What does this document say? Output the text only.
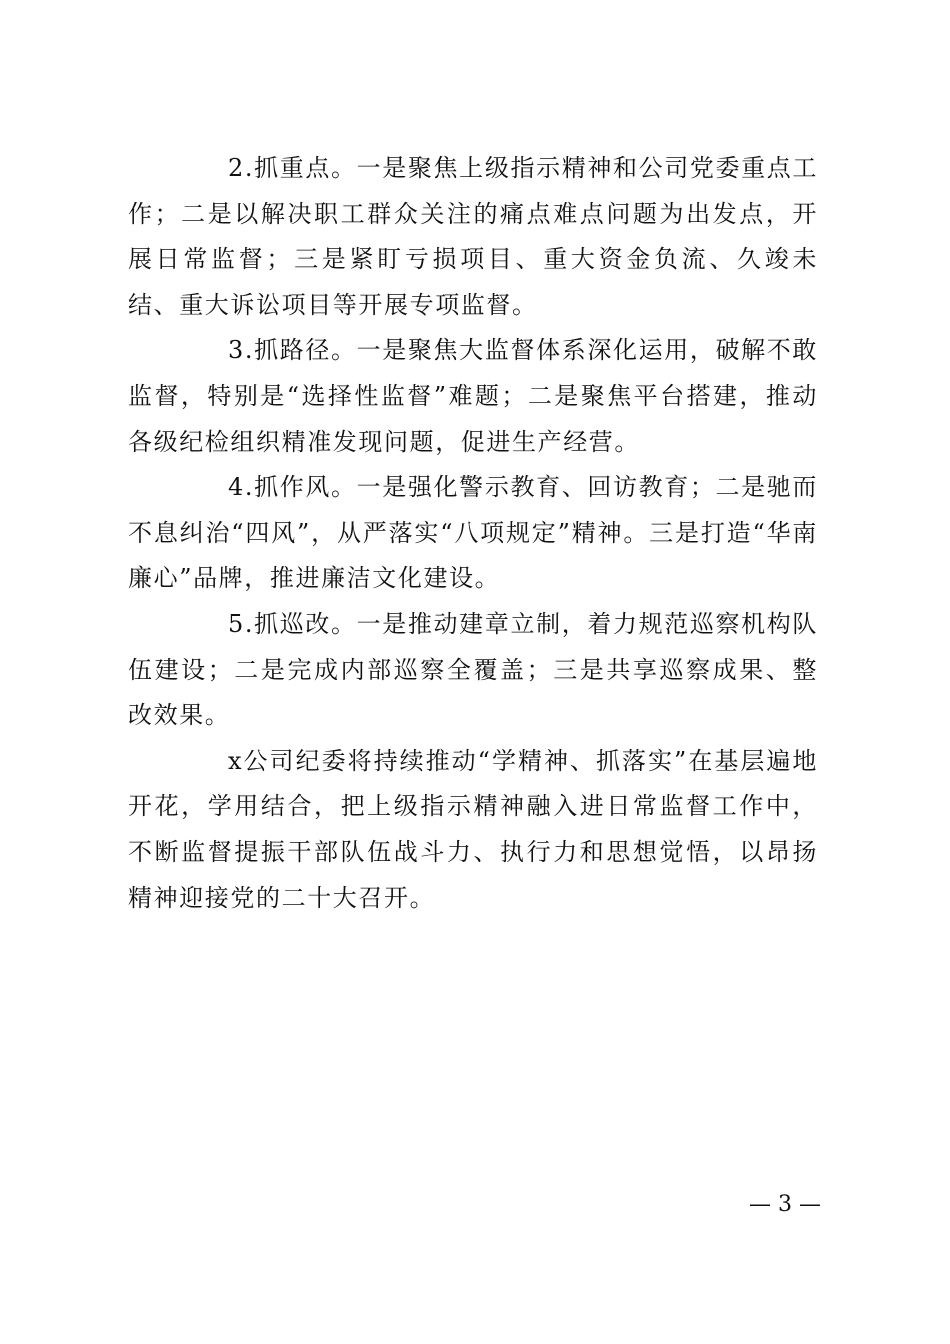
2.抓重点。一是聚焦上级指示精神和公司党委重点工作；二是以解决职工群众关注的痛点难点问题为出发点，开展日常监督；三是紧盯亏损项目、重大资金负流、久竣未结、重大诉讼项目等开展专项监督。

3.抓路径。一是聚焦大监督体系深化运用，破解不敢监督，特别是“选择性监督”难题；二是聚焦平台搭建，推动各级纪检组织精准发现问题，促进生产经营。

4.抓作风。一是强化警示教育、回访教育；二是驰而不息纠治“四风”，从严落实“八项规定”精神。三是打造“华南廉心”品牌，推进廉洁文化建设。

5.抓巡改。一是推动建章立制，着力规范巡察机构队伍建设；二是完成内部巡察全覆盖；三是共享巡察成果、整改效果。

x公司纪委将持续推动“学精神、抓落实”在基层遍地开花，学用结合，把上级指示精神融入进日常监督工作中，不断监督提振干部队伍战斗力、执行力和思想觉悟，以昂扬精神迎接党的二十大召开。

— 3 —
